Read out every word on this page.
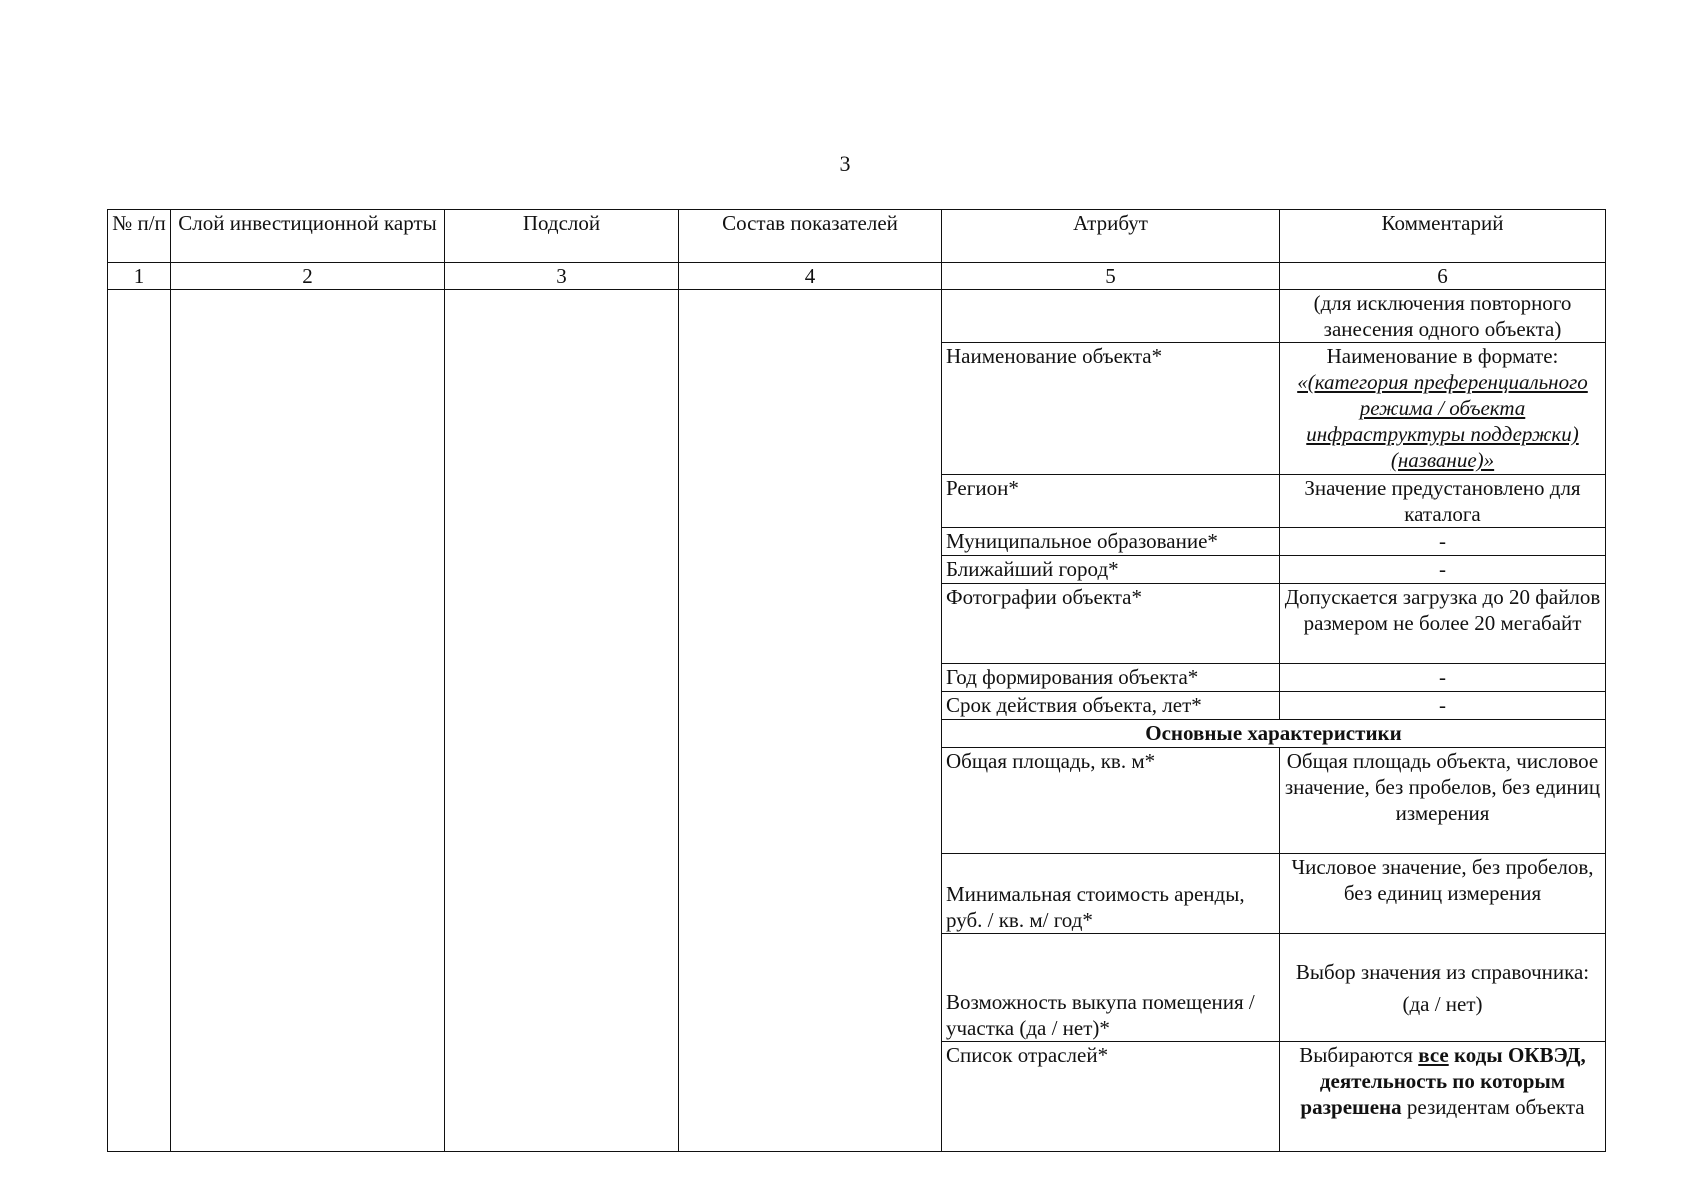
3
№ п/п	Слой инвестиционной карты	Подслой	Состав показателей	Атрибут	Комментарий
1	2	3	4	5	6
					(для исключения повторного занесения одного объекта)
				Наименование объекта*	Наименование в формате:
«(категория преференциального режима / объекта инфраструктуры поддержки) (название)»

				Регион*	Значение предустановлено для каталога
				Муниципальное образование*	-
				Ближайший город*	-
				Фотографии объекта*	Допускается загрузка до 20 файлов размером не более 20 мегабайт
				Год формирования объекта*	-
				Срок действия объекта, лет*	-
				Основные характеристики	
				Общая площадь, кв. м*	Общая площадь объекта, числовое значение, без пробелов, без единиц измерения
				Минимальная стоимость аренды, руб. / кв. м/ год*	Числовое значение, без пробелов, без единиц измерения
				Возможность выкупа помещения / участка (да / нет)*	Выбор значения из справочника:
(да / нет)

				Список отраслей*	Выбираются все коды ОКВЭД, деятельность по которым разрешена резидентам объекта
